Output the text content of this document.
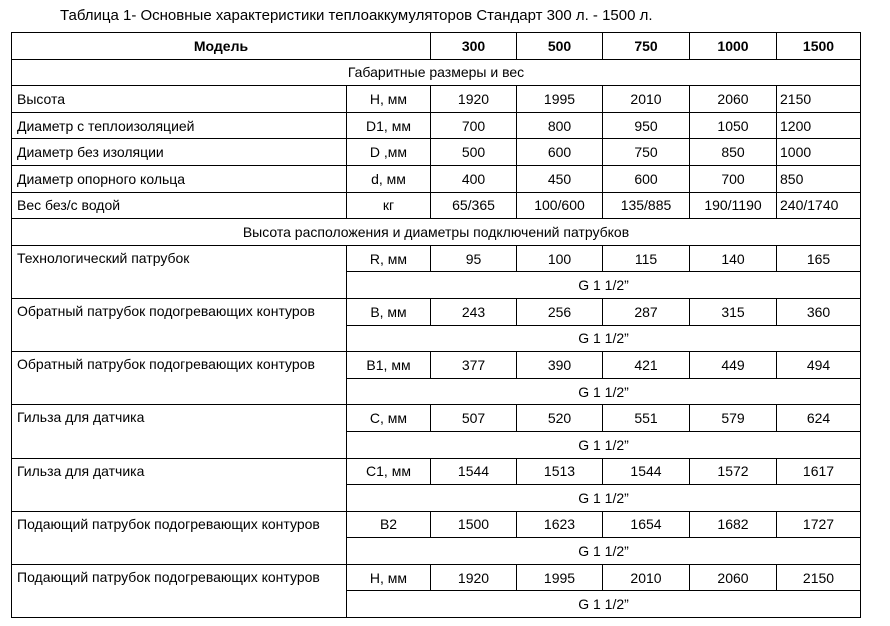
Таблица 1- Основные характеристики теплоаккумуляторов Стандарт 300 л. - 1500 л.
Модель		300	500	750	1000	1500
Габаритные размеры и вес						
Высота	H, мм	1920	1995	2010	2060	2150
Диаметр с теплоизоляцией	D1, мм	700	800	950	1050	1200
Диаметр без изоляции	D ,мм	500	600	750	850	1000
Диаметр опорного кольца	d, мм	400	450	600	700	850
Вес без/с водой	кг	65/365	100/600	135/885	190/1190	240/1740
Высота расположения и диаметры подключений патрубков						
Технологический патрубок	R, мм	95	100	115	140	165
	G 1 1/2”					
Обратный патрубок подогревающих контуров	B, мм	243	256	287	315	360
	G 1 1/2”					
Обратный патрубок подогревающих контуров	B1, мм	377	390	421	449	494
	G 1 1/2”					
Гильза для датчика	C, мм	507	520	551	579	624
	G 1 1/2”					
Гильза для датчика	C1, мм	1544	1513	1544	1572	1617
	G 1 1/2”					
Подающий патрубок подогревающих контуров	B2	1500	1623	1654	1682	1727
	G 1 1/2”					
Подающий патрубок подогревающих контуров	H, мм	1920	1995	2010	2060	2150
	G 1 1/2”					
